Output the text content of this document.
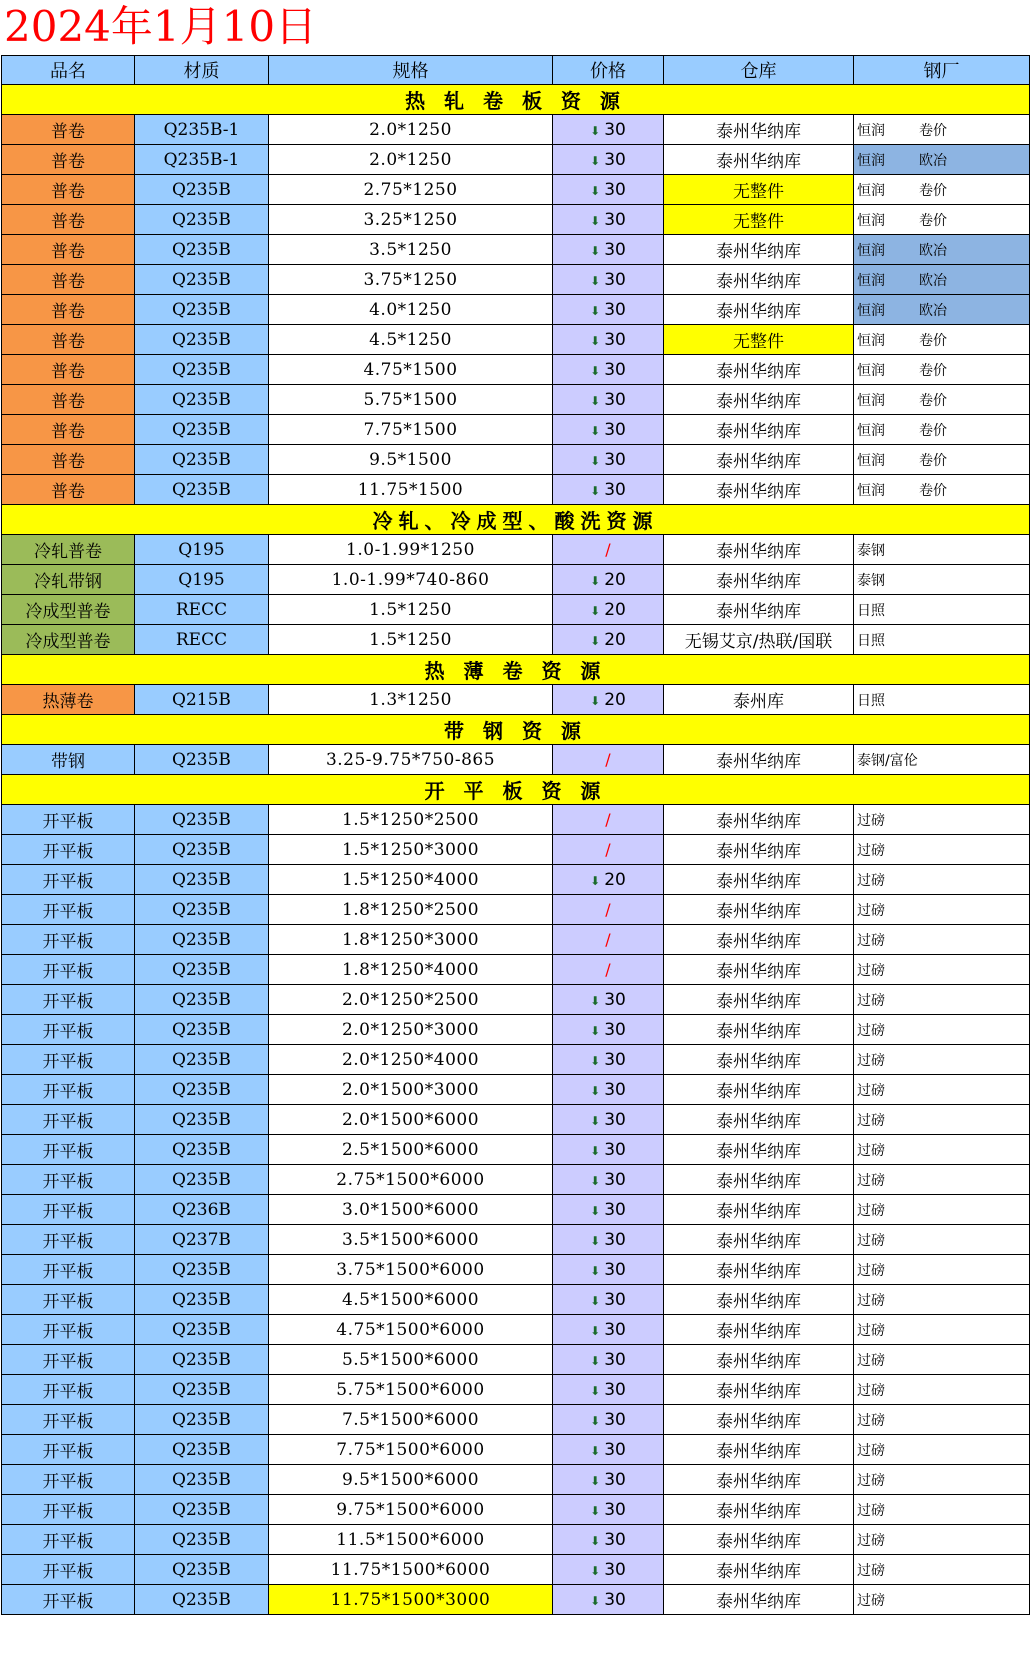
2024年1月10日
品名	材质	规格	价格	仓库	钢厂
热 轧 卷 板 资 源					
普卷	Q235B-1	2.0*1250	⬇ 30	泰州华纳库	恒润 卷价
普卷	Q235B-1	2.0*1250	⬇ 30	泰州华纳库	恒润 欧冶
普卷	Q235B	2.75*1250	⬇ 30	无整件	恒润 卷价
普卷	Q235B	3.25*1250	⬇ 30	无整件	恒润 卷价
普卷	Q235B	3.5*1250	⬇ 30	泰州华纳库	恒润 欧冶
普卷	Q235B	3.75*1250	⬇ 30	泰州华纳库	恒润 欧冶
普卷	Q235B	4.0*1250	⬇ 30	泰州华纳库	恒润 欧冶
普卷	Q235B	4.5*1250	⬇ 30	无整件	恒润 卷价
普卷	Q235B	4.75*1500	⬇ 30	泰州华纳库	恒润 卷价
普卷	Q235B	5.75*1500	⬇ 30	泰州华纳库	恒润 卷价
普卷	Q235B	7.75*1500	⬇ 30	泰州华纳库	恒润 卷价
普卷	Q235B	9.5*1500	⬇ 30	泰州华纳库	恒润 卷价
普卷	Q235B	11.75*1500	⬇ 30	泰州华纳库	恒润 卷价
冷轧、冷成型、酸洗资源					
冷轧普卷	Q195	1.0-1.99*1250	/	泰州华纳库	泰钢
冷轧带钢	Q195	1.0-1.99*740-860	⬇ 20	泰州华纳库	泰钢
冷成型普卷	RECC	1.5*1250	⬇ 20	泰州华纳库	日照
冷成型普卷	RECC	1.5*1250	⬇ 20	无锡艾京/热联/国联	日照
热 薄 卷 资 源					
热薄卷	Q215B	1.3*1250	⬇ 20	泰州库	日照
带 钢 资 源					
带钢	Q235B	3.25-9.75*750-865	/	泰州华纳库	泰钢/富伦
开 平 板 资 源					
开平板	Q235B	1.5*1250*2500	/	泰州华纳库	过磅
开平板	Q235B	1.5*1250*3000	/	泰州华纳库	过磅
开平板	Q235B	1.5*1250*4000	⬇ 20	泰州华纳库	过磅
开平板	Q235B	1.8*1250*2500	/	泰州华纳库	过磅
开平板	Q235B	1.8*1250*3000	/	泰州华纳库	过磅
开平板	Q235B	1.8*1250*4000	/	泰州华纳库	过磅
开平板	Q235B	2.0*1250*2500	⬇ 30	泰州华纳库	过磅
开平板	Q235B	2.0*1250*3000	⬇ 30	泰州华纳库	过磅
开平板	Q235B	2.0*1250*4000	⬇ 30	泰州华纳库	过磅
开平板	Q235B	2.0*1500*3000	⬇ 30	泰州华纳库	过磅
开平板	Q235B	2.0*1500*6000	⬇ 30	泰州华纳库	过磅
开平板	Q235B	2.5*1500*6000	⬇ 30	泰州华纳库	过磅
开平板	Q235B	2.75*1500*6000	⬇ 30	泰州华纳库	过磅
开平板	Q236B	3.0*1500*6000	⬇ 30	泰州华纳库	过磅
开平板	Q237B	3.5*1500*6000	⬇ 30	泰州华纳库	过磅
开平板	Q235B	3.75*1500*6000	⬇ 30	泰州华纳库	过磅
开平板	Q235B	4.5*1500*6000	⬇ 30	泰州华纳库	过磅
开平板	Q235B	4.75*1500*6000	⬇ 30	泰州华纳库	过磅
开平板	Q235B	5.5*1500*6000	⬇ 30	泰州华纳库	过磅
开平板	Q235B	5.75*1500*6000	⬇ 30	泰州华纳库	过磅
开平板	Q235B	7.5*1500*6000	⬇ 30	泰州华纳库	过磅
开平板	Q235B	7.75*1500*6000	⬇ 30	泰州华纳库	过磅
开平板	Q235B	9.5*1500*6000	⬇ 30	泰州华纳库	过磅
开平板	Q235B	9.75*1500*6000	⬇ 30	泰州华纳库	过磅
开平板	Q235B	11.5*1500*6000	⬇ 30	泰州华纳库	过磅
开平板	Q235B	11.75*1500*6000	⬇ 30	泰州华纳库	过磅
开平板	Q235B	11.75*1500*3000	⬇ 30	泰州华纳库	过磅
